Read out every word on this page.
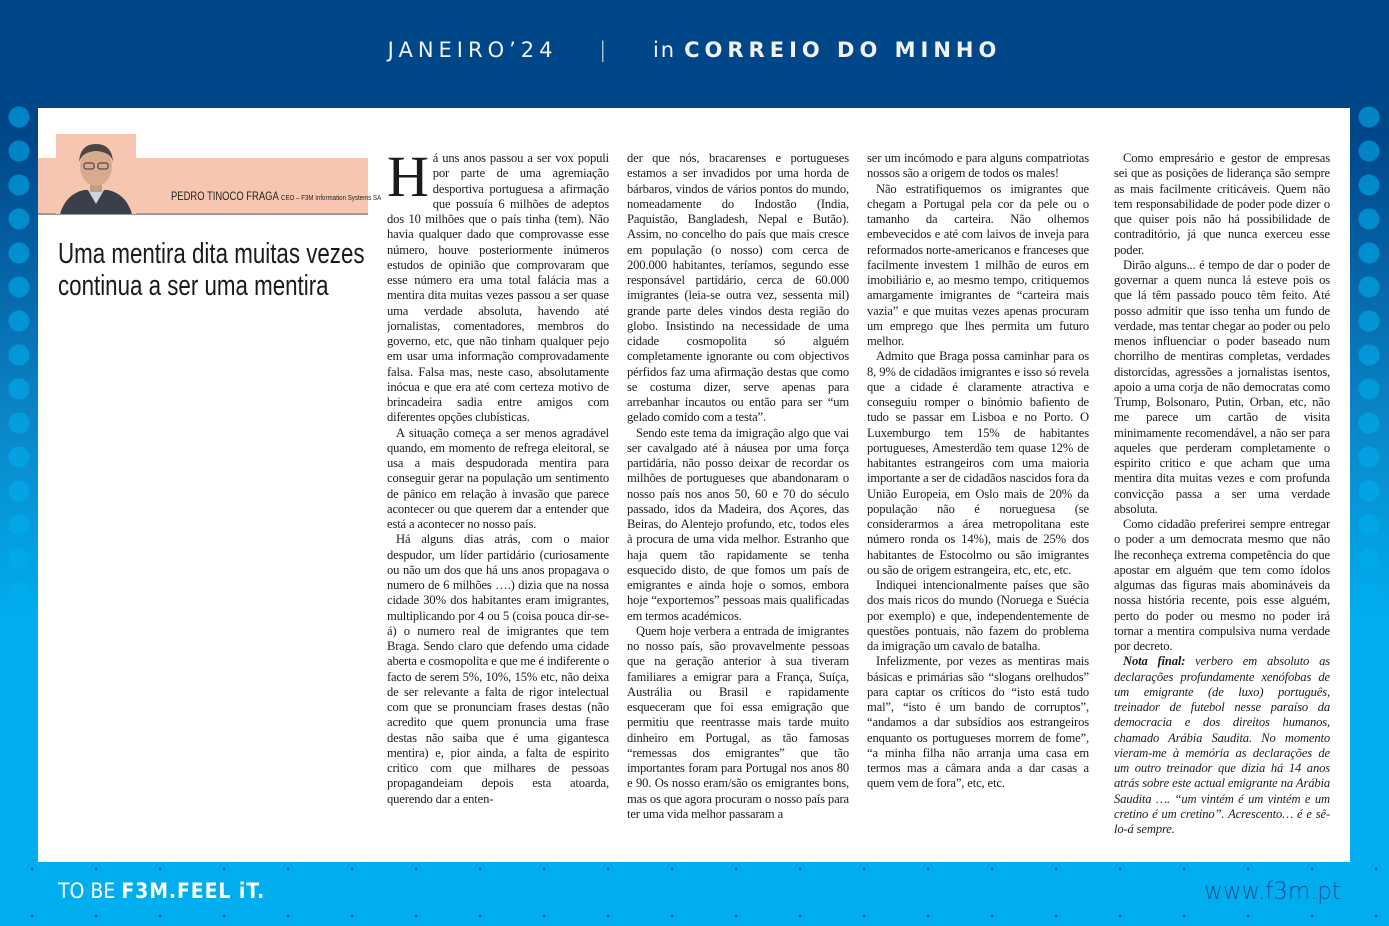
JANEIRO’24 | in CORREIO DO MINHO
PEDRO TINOCO FRAGA CEO – F3M Information Systems SA
Uma mentira dita muitas vezes continua a ser uma mentira

Há uns anos passou a ser vox populi por parte de uma agremiação desportiva portuguesa a afirmação que possuía 6 milhões de adeptos dos 10 milhões que o país tinha (tem). Não havia qualquer dado que comprovasse esse número, houve posteriormente inúmeros estudos de opinião que comprovaram que esse número era uma total falácia mas a mentira dita muitas vezes passou a ser quase uma verdade absoluta, havendo até jornalistas, comentadores, membros do governo, etc, que não tinham qualquer pejo em usar uma informação comprovadamente falsa. Falsa mas, neste caso, absolutamente inócua e que era até com certeza motivo de brincadeira sadia entre amigos com diferentes opções clubísticas.

A situação começa a ser menos agradável quando, em momento de refrega eleitoral, se usa a mais despudorada mentira para conseguir gerar na população um sentimento de pânico em relação à invasão que parece acontecer ou que querem dar a entender que está a acontecer no nosso país.

Há alguns dias atrás, com o maior despudor, um líder partidário (curiosamente ou não um dos que há uns anos propagava o numero de 6 milhões ….) dizia que na nossa cidade 30% dos habitantes eram imigrantes, multiplicando por 4 ou 5 (coisa pouca dir-se-á) o numero real de imigrantes que tem Braga. Sendo claro que defendo uma cidade aberta e cosmopolita e que me é indiferente o facto de serem 5%, 10%, 15% etc, não deixa de ser relevante a falta de rigor intelectual com que se pronunciam frases destas (não acredito que quem pronuncia uma frase destas não saiba que é uma gigantesca mentira) e, pior ainda, a falta de espirito critico com que milhares de pessoas propagandeiam depois esta atoarda, querendo dar a enten-

der que nós, bracarenses e portugueses estamos a ser invadidos por uma horda de bárbaros, vindos de vários pontos do mundo, nomeadamente do Indostão (India, Paquistão, Bangladesh, Nepal e Butão). Assim, no concelho do país que mais cresce em população (o nosso) com cerca de 200.000 habitantes, teríamos, segundo esse responsável partidário, cerca de 60.000 imigrantes (leia-se outra vez, sessenta mil) grande parte deles vindos desta região do globo. Insistindo na necessidade de uma cidade cosmopolita só alguém completamente ignorante ou com objectivos pérfidos faz uma afirmação destas que como se costuma dizer, serve apenas para arrebanhar incautos ou então para ser “um gelado comido com a testa”.

Sendo este tema da imigração algo que vai ser cavalgado até à náusea por uma força partidária, não posso deixar de recordar os milhões de portugueses que abandonaram o nosso país nos anos 50, 60 e 70 do século passado, idos da Madeira, dos Açores, das Beiras, do Alentejo profundo, etc, todos eles à procura de uma vida melhor. Estranho que haja quem tão rapidamente se tenha esquecido disto, de que fomos um país de emigrantes e ainda hoje o somos, embora hoje “exportemos” pessoas mais qualificadas em termos académicos.

Quem hoje verbera a entrada de imigrantes no nosso país, são provavelmente pessoas que na geração anterior à sua tiveram familiares a emigrar para a França, Suíça, Austrália ou Brasil e rapidamente esqueceram que foi essa emigração que permitiu que reentrasse mais tarde muito dinheiro em Portugal, as tão famosas “remessas dos emigrantes” que tão importantes foram para Portugal nos anos 80 e 90. Os nosso eram/são os emigrantes bons, mas os que agora procuram o nosso país para ter uma vida melhor passaram a

ser um incómodo e para alguns compatriotas nossos são a origem de todos os males!

Não estratifiquemos os imigrantes que chegam a Portugal pela cor da pele ou o tamanho da carteira. Não olhemos embevecidos e até com laivos de inveja para reformados norte-americanos e franceses que facilmente investem 1 milhão de euros em imobiliário e, ao mesmo tempo, critiquemos amargamente imigrantes de “carteira mais vazia” e que muitas vezes apenas procuram um emprego que lhes permita um futuro melhor.

Admito que Braga possa caminhar para os 8, 9% de cidadãos imigrantes e isso só revela que a cidade é claramente atractiva e conseguiu romper o binómio bafiento de tudo se passar em Lisboa e no Porto. O Luxemburgo tem 15% de habitantes portugueses, Amesterdão tem quase 12% de habitantes estrangeiros com uma maioria importante a ser de cidadãos nascidos fora da União Europeia, em Oslo mais de 20% da população não é norueguesa (se considerarmos a área metropolitana este número ronda os 14%), mais de 25% dos habitantes de Estocolmo ou são imigrantes ou são de origem estrangeira, etc, etc, etc.

Indiquei intencionalmente países que são dos mais ricos do mundo (Noruega e Suécia por exemplo) e que, independentemente de questões pontuais, não fazem do problema da imigração um cavalo de batalha.

Infelizmente, por vezes as mentiras mais básicas e primárias são “slogans orelhudos” para captar os críticos do “isto está tudo mal”, “isto é um bando de corruptos”, “andamos a dar subsídios aos estrangeiros enquanto os portugueses morrem de fome”, “a minha filha não arranja uma casa em termos mas a câmara anda a dar casas a quem vem de fora”, etc, etc.

Como empresário e gestor de empresas sei que as posições de liderança são sempre as mais facilmente criticáveis. Quem não tem responsabilidade de poder pode dizer o que quiser pois não há possibilidade de contraditório, já que nunca exerceu esse poder.

Dirão alguns... é tempo de dar o poder de governar a quem nunca lá esteve pois os que lá têm passado pouco têm feito. Até posso admitir que isso tenha um fundo de verdade, mas tentar chegar ao poder ou pelo menos influenciar o poder baseado num chorrilho de mentiras completas, verdades distorcidas, agressões a jornalistas isentos, apoio a uma corja de não democratas como Trump, Bolsonaro, Putin, Orban, etc, não me parece um cartão de visita minimamente recomendável, a não ser para aqueles que perderam completamente o espirito critico e que acham que uma mentira dita muitas vezes e com profunda convicção passa a ser uma verdade absoluta.

Como cidadão preferirei sempre entregar o poder a um democrata mesmo que não lhe reconheça extrema competência do que apostar em alguém que tem como ídolos algumas das figuras mais abomináveis da nossa história recente, pois esse alguém, perto do poder ou mesmo no poder irá tornar a mentira compulsiva numa verdade por decreto.

Nota final: verbero em absoluto as declarações profundamente xenófobas de um emigrante (de luxo) português, treinador de futebol nesse paraíso da democracia e dos direitos humanos, chamado Arábia Saudita. No momento vieram-me à memória as declarações de um outro treinador que dizia há 14 anos atrás sobre este actual emigrante na Arábia Saudita …. “um vintém é um vintém e um cretino é um cretino”. Acrescento… é e sê-lo-á sempre.

TO BE F3M.FEEL iT.	www.f3m.pt
